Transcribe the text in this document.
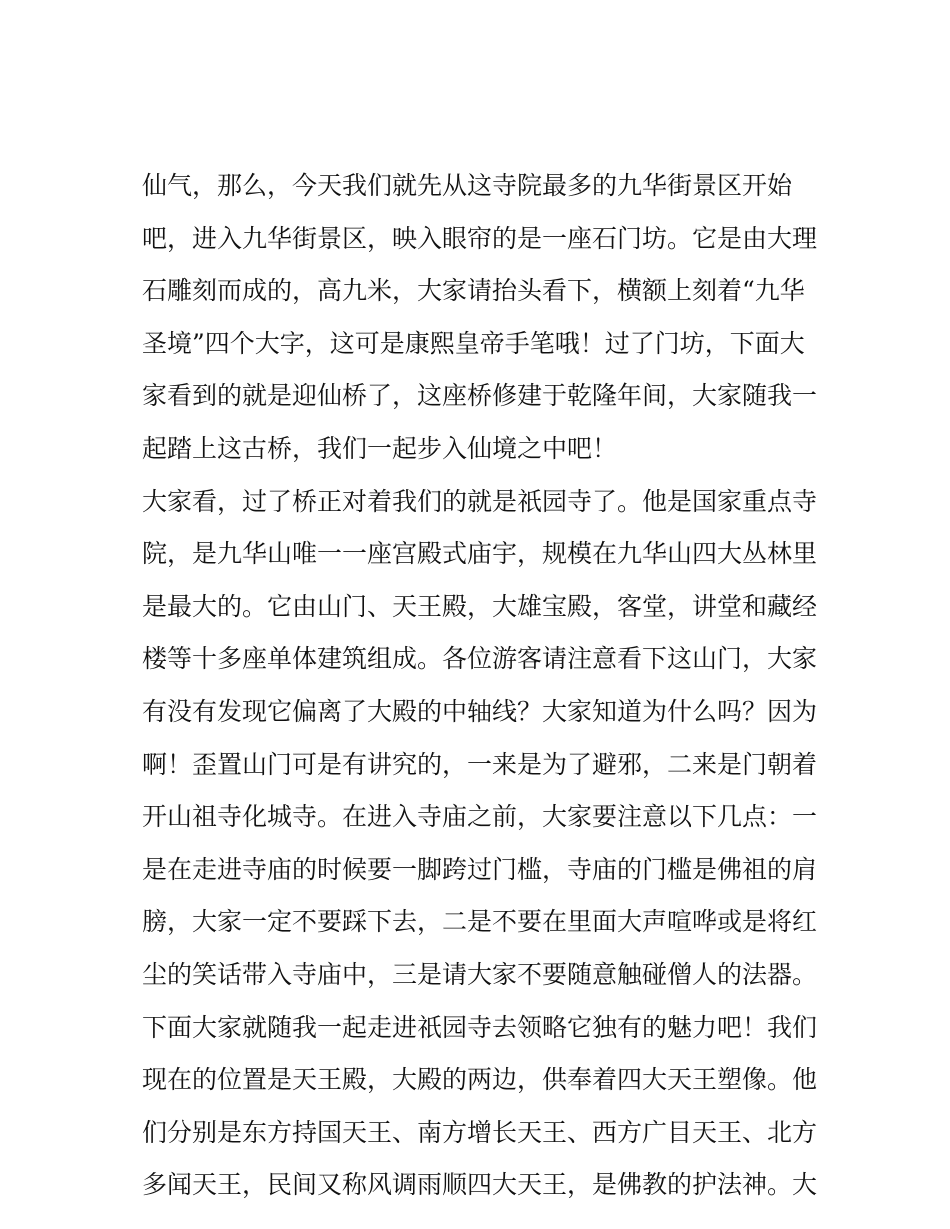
仙气，那么，今天我们就先从这寺院最多的九华街景区开始
吧，进入九华街景区，映入眼帘的是一座石门坊。它是由大理
石雕刻而成的，高九米，大家请抬头看下，横额上刻着“九华
圣境”四个大字，这可是康熙皇帝手笔哦！过了门坊，下面大
家看到的就是迎仙桥了，这座桥修建于乾隆年间，大家随我一
起踏上这古桥，我们一起步入仙境之中吧！
大家看，过了桥正对着我们的就是祇园寺了。他是国家重点寺
院，是九华山唯一一座宫殿式庙宇，规模在九华山四大丛林里
是最大的。它由山门、天王殿，大雄宝殿，客堂，讲堂和藏经
楼等十多座单体建筑组成。各位游客请注意看下这山门，大家
有没有发现它偏离了大殿的中轴线？大家知道为什么吗？因为
啊！歪置山门可是有讲究的，一来是为了避邪，二来是门朝着
开山祖寺化城寺。在进入寺庙之前，大家要注意以下几点：一
是在走进寺庙的时候要一脚跨过门槛，寺庙的门槛是佛祖的肩
膀，大家一定不要踩下去，二是不要在里面大声喧哗或是将红
尘的笑话带入寺庙中，三是请大家不要随意触碰僧人的法器。
下面大家就随我一起走进祇园寺去领略它独有的魅力吧！我们
现在的位置是天王殿，大殿的两边，供奉着四大天王塑像。他
们分别是东方持国天王、南方增长天王、西方广目天王、北方
多闻天王，民间又称风调雨顺四大天王，是佛教的护法神。大
